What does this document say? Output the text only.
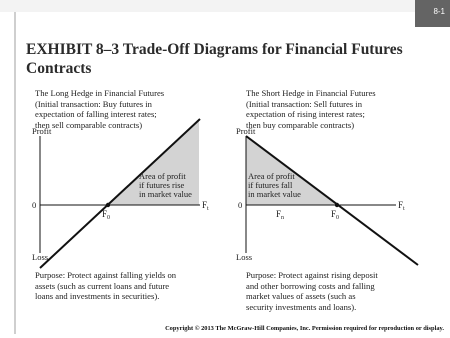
8-1
EXHIBIT 8–3 Trade-Off Diagrams for Financial Futures Contracts
The Long Hedge in Financial Futures
(Initial transaction: Buy futures in
expectation of falling interest rates;
then sell comparable contracts)
Profit
Loss
0	$F_t$
$F_0$
Area of profit if futures rise in market value
Purpose: Protect against falling yields on
assets (such as current loans and future
loans and investments in securities).
The Short Hedge in Financial Futures
(Initial transaction: Sell futures in
expectation of rising interest rates;
then buy comparable contracts)
Profit
Loss
0	$F_t$
$F_0$
$F_n$
Area of profit if futures fall in market value
Purpose: Protect against rising deposit
and other borrowing costs and falling
market values of assets (such as
security investments and loans).
Copyright © 2013 The McGraw-Hill Companies, Inc. Permission required for reproduction or display.
